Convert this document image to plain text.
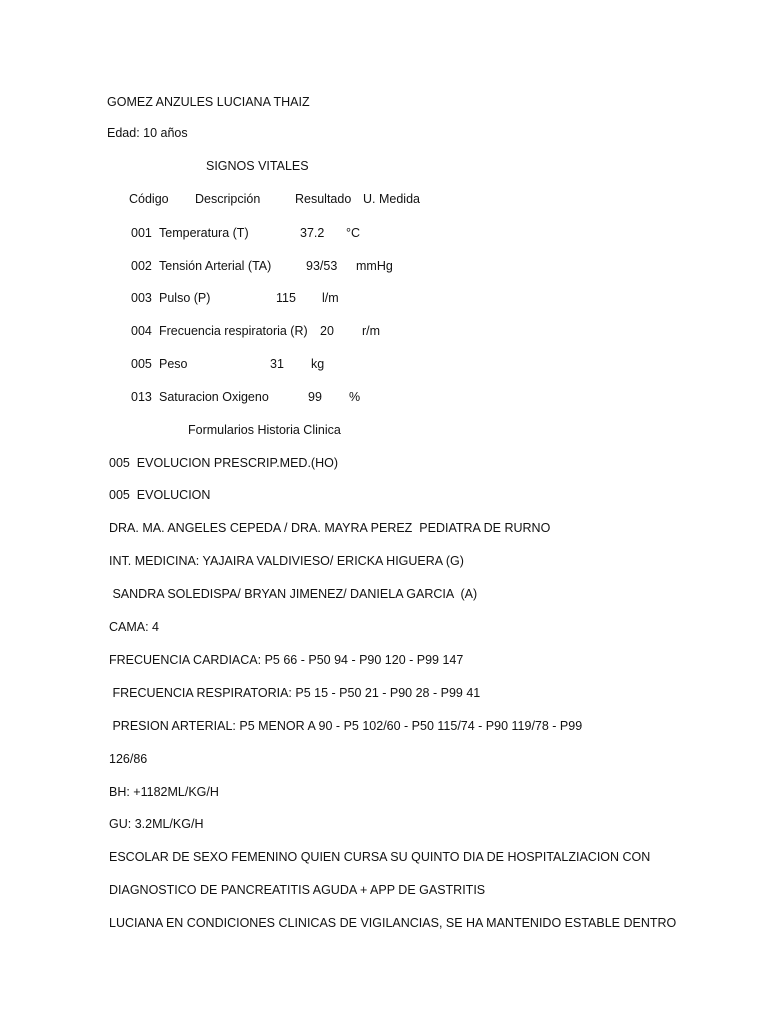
GOMEZ ANZULES LUCIANA THAIZ
Edad: 10 años
SIGNOS VITALES
Código Descripción	Resultado U. Medida
001 Temperatura (T)	37.2 °C
002 Tensión Arterial (TA)	93/53 mmHg
003 Pulso (P)	115 l/m
004 Frecuencia respiratoria (R) 20 r/m
005 Peso	31 kg
013 Saturacion Oxigeno	99 %
Formularios Historia Clinica
005  EVOLUCION PRESCRIP.MED.(HO)
005  EVOLUCION
DRA. MA. ANGELES CEPEDA / DRA. MAYRA PEREZ  PEDIATRA DE RURNO
INT. MEDICINA: YAJAIRA VALDIVIESO/ ERICKA HIGUERA (G)
SANDRA SOLEDISPA/ BRYAN JIMENEZ/ DANIELA GARCIA  (A)
CAMA: 4
FRECUENCIA CARDIACA: P5 66 - P50 94 - P90 120 - P99 147
FRECUENCIA RESPIRATORIA: P5 15 - P50 21 - P90 28 - P99 41
PRESION ARTERIAL: P5 MENOR A 90 - P5 102/60 - P50 115/74 - P90 119/78 - P99
126/86
BH: +1182ML/KG/H
GU: 3.2ML/KG/H
ESCOLAR DE SEXO FEMENINO QUIEN CURSA SU QUINTO DIA DE HOSPITALZIACION CON
DIAGNOSTICO DE PANCREATITIS AGUDA + APP DE GASTRITIS
LUCIANA EN CONDICIONES CLINICAS DE VIGILANCIAS, SE HA MANTENIDO ESTABLE DENTRO
